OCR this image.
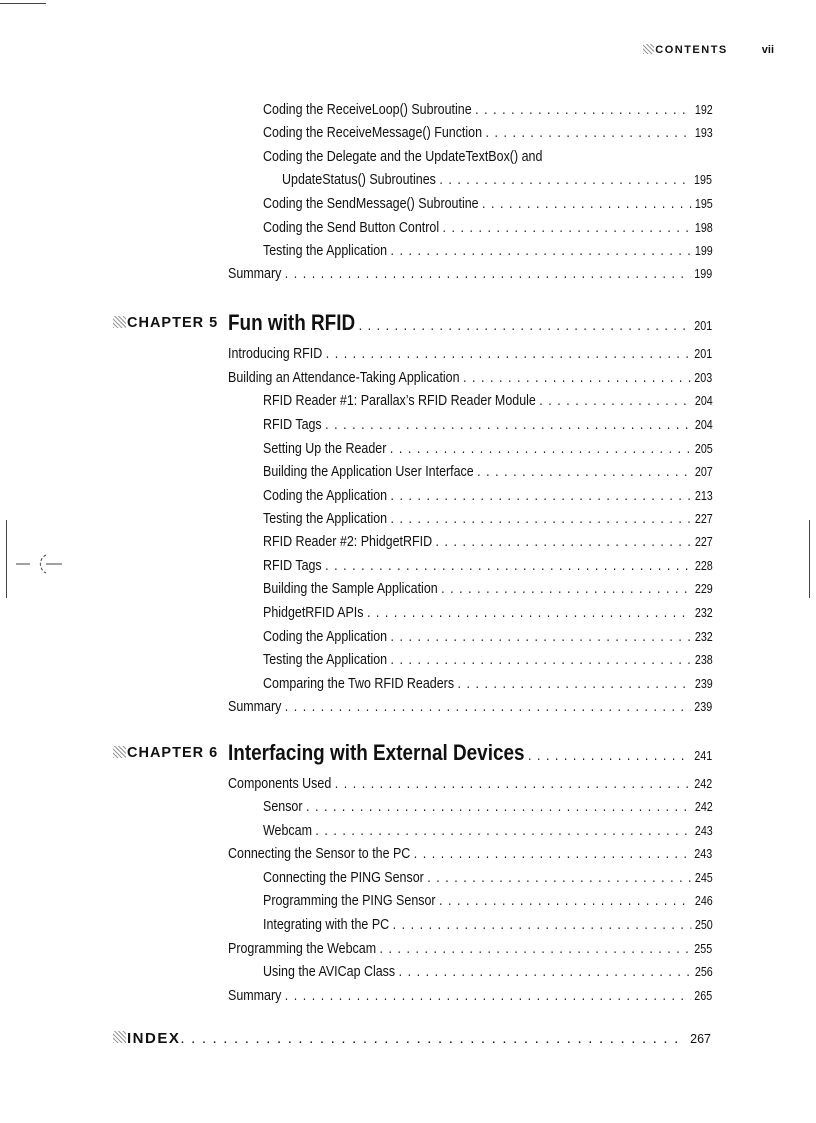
CONTENTS	vii
Coding the ReceiveLoop() Subroutine . . .	192
Coding the ReceiveMessage() Function . . .	193
Coding the Delegate and the UpdateTextBox() and
UpdateStatus() Subroutines . . .	195
Coding the SendMessage() Subroutine . . .	195
Coding the Send Button Control . . .	198
Testing the Application . . .	199
Summary . . .	199
CHAPTER 5 Fun with RFID . . .	201
Introducing RFID . . .	201
Building an Attendance-Taking Application . . .	203
RFID Reader #1: Parallax’s RFID Reader Module . . .	204
RFID Tags . . .	204
Setting Up the Reader . . .	205
Building the Application User Interface . . .	207
Coding the Application . . .	213
Testing the Application . . .	227
RFID Reader #2: PhidgetRFID . . .	227
RFID Tags . . .	228
Building the Sample Application . . .	229
PhidgetRFID APIs . . .	232
Coding the Application . . .	232
Testing the Application . . .	238
Comparing the Two RFID Readers . . .	239
Summary . . .	239
CHAPTER 6 Interfacing with External Devices . . .	241
Components Used . . .	242
Sensor . . .	242
Webcam . . .	243
Connecting the Sensor to the PC . . .	243
Connecting the PING Sensor . . .	245
Programming the PING Sensor . . .	246
Integrating with the PC . . .	250
Programming the Webcam . . .	255
Using the AVICap Class . . .	256
Summary . . .	265
INDEX . . .	267
